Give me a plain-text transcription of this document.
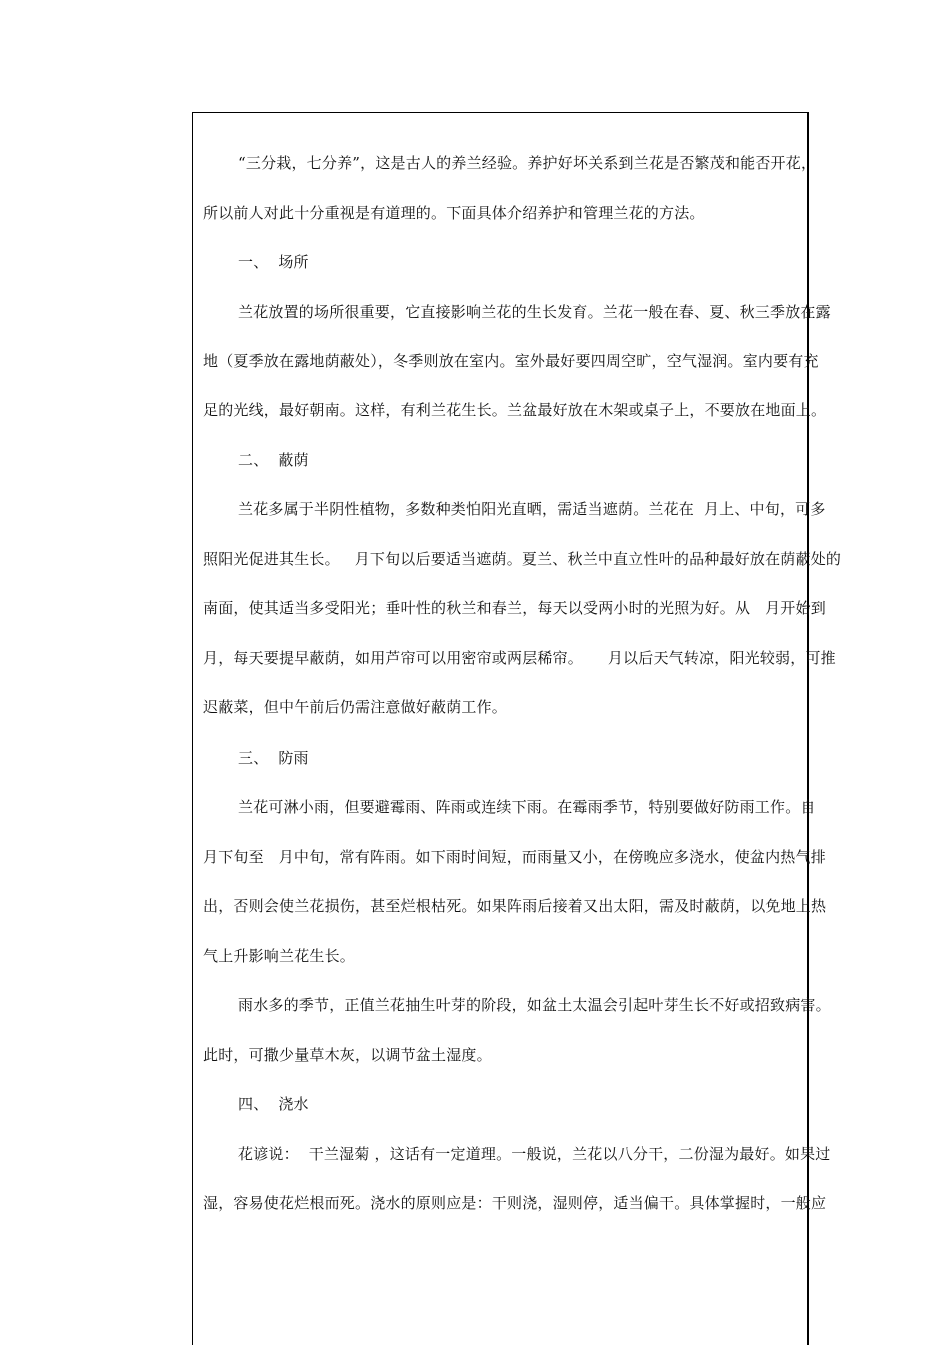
“三分栽，七分养”，这是古人的养兰经验。养护好坏关系到兰花是否繁茂和能否开花，
所以前人对此十分重视是有道理的。下面具体介绍养护和管理兰花的方法。
一、  场所
兰花放置的场所很重要，它直接影响兰花的生长发育。兰花一般在春、夏、秋三季放在露
地（夏季放在露地荫蔽处），冬季则放在室内。室外最好要四周空旷，空气湿润。室内要有充
足的光线，最好朝南。这样，有利兰花生长。兰盆最好放在木架或桌子上，不要放在地面上。
二、  蔽荫
兰花多属于半阴性植物，多数种类怕阳光直晒，需适当遮荫。兰花在  月上、中旬，可多
照阳光促进其生长。   月下旬以后要适当遮荫。夏兰、秋兰中直立性叶的品种最好放在荫蔽处的
南面，使其适当多受阳光；垂叶性的秋兰和春兰，每天以受两小时的光照为好。从   月开始到
月，每天要提早蔽荫，如用芦帘可以用密帘或两层稀帘。     月以后天气转凉，阳光较弱，可推
迟蔽菜，但中午前后仍需注意做好蔽荫工作。
三、  防雨
兰花可淋小雨，但要避霉雨、阵雨或连续下雨。在霉雨季节，特别要做好防雨工作。自
月下旬至   月中旬，常有阵雨。如下雨时间短，而雨量又小，在傍晚应多浇水，使盆内热气排
出，否则会使兰花损伤，甚至烂根枯死。如果阵雨后接着又出太阳，需及时蔽荫，以免地上热
气上升影响兰花生长。
雨水多的季节，正值兰花抽生叶芽的阶段，如盆土太温会引起叶芽生长不好或招致病害。
此时，可撒少量草木灰，以调节盆土湿度。
四、  浇水
花谚说：  干兰湿菊 ，这话有一定道理。一般说，兰花以八分干，二份湿为最好。如果过
湿，容易使花烂根而死。浇水的原则应是：干则浇，湿则停，适当偏干。具体掌握时，一般应
